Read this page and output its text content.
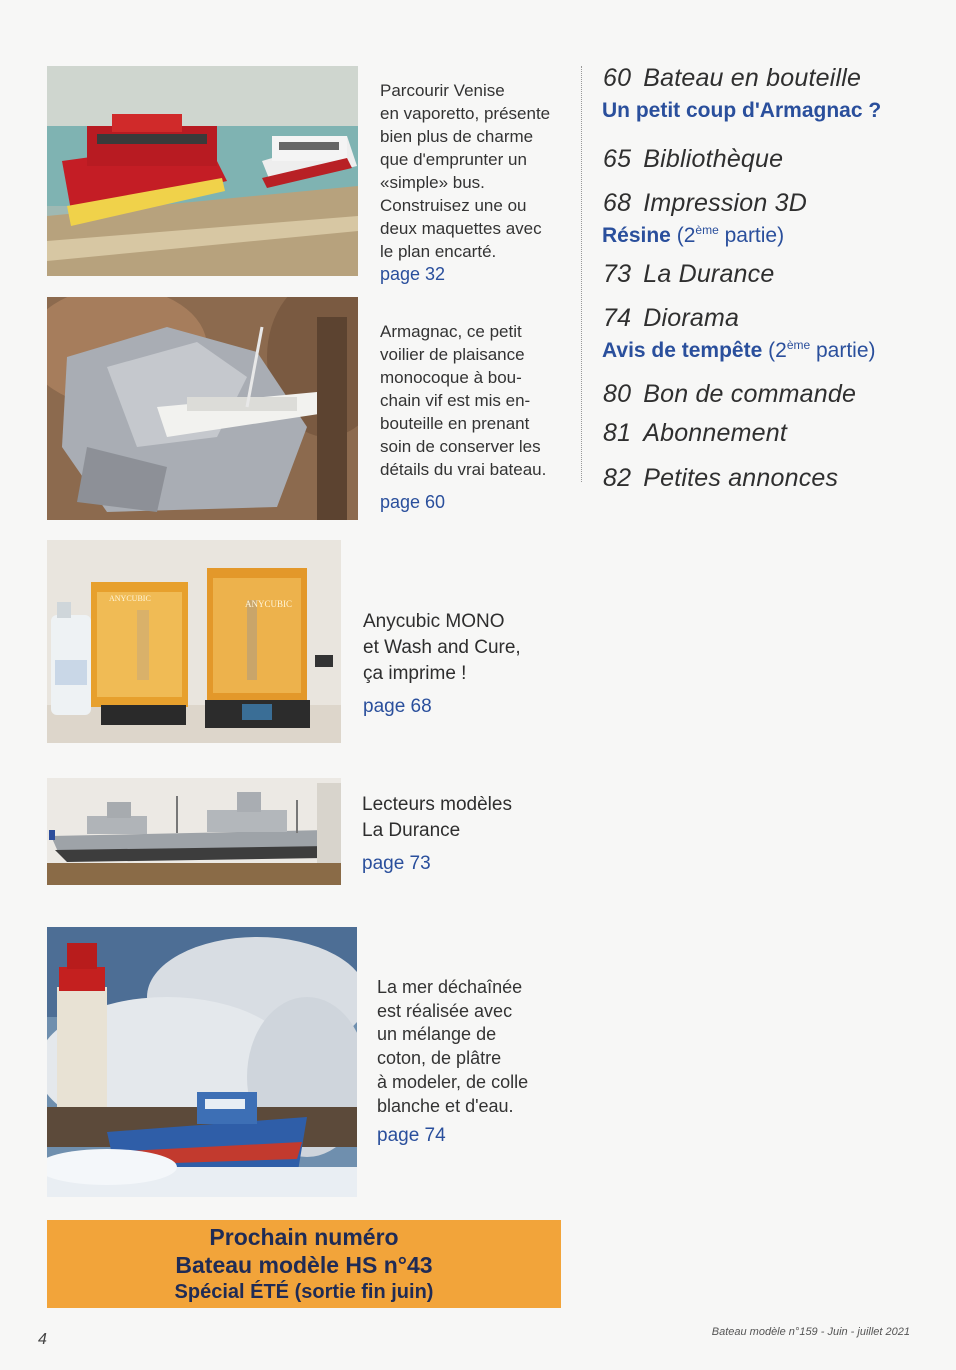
Parcourir Venise
en vaporetto, présente
bien plus de charme
que d'emprunter un
«simple» bus.
Construisez une ou
deux maquettes avec
le plan encarté.
page 32
Armagnac, ce petit
voilier de plaisance
monocoque à bou-
chain vif est mis en-
bouteille en prenant
soin de conserver les
détails du vrai bateau.
page 60
60 Bateau en bouteille
Un petit coup d'Armagnac ?
65 Bibliothèque
68 Impression 3D
Résine (2ème partie)
73 La Durance
74 Diorama
Avis de tempête (2ème partie)
80 Bon de commande
81 Abonnement
82 Petites annonces
ANYCUBIC
ANYCUBIC
Anycubic MONO
et Wash and Cure,
ça imprime !
page 68
Lecteurs modèles
La Durance
page 73
La mer déchaînée
est réalisée avec
un mélange de
coton, de plâtre
à modeler, de colle
blanche et d'eau.
page 74
Prochain numéro
Bateau modèle HS n°43
Spécial ÉTÉ (sortie fin juin)
4	Bateau modèle n°159 - Juin - juillet 2021
